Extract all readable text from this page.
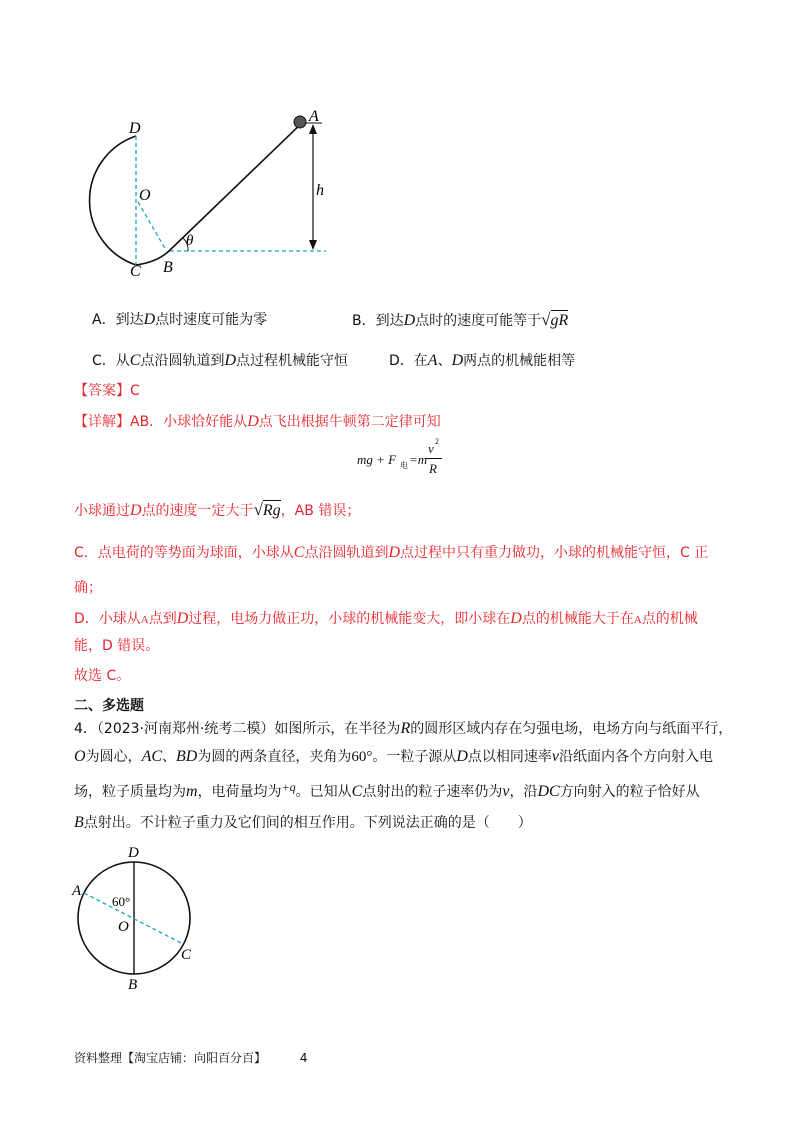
A
D
O	h
θ
C B
A．到达D点时速度可能为零	B．到达D点时的速度可能等于√gR
C．从C点沿圆轨道到D点过程机械能守恒	D．在A、D两点的机械能相等
【答案】C
【详解】AB．小球恰好能从D点飞出根据牛顿第二定律可知
mg + F 电 =m
v 2
R
小球通过D点的速度一定大于√Rg，AB 错误；
C．点电荷的等势面为球面，小球从C点沿圆轨道到D点过程中只有重力做功，小球的机械能守恒，C 正
确；
D．小球从A点到D过程，电场力做正功，小球的机械能变大，即小球在D点的机械能大于在A点的机械
能，D 错误。
故选 C。
二、多选题
4．（2023·河南郑州·统考二模）如图所示，在半径为R的圆形区域内存在匀强电场，电场方向与纸面平行，
O为圆心，AC、BD为圆的两条直径，夹角为60°。一粒子源从D点以相同速率v沿纸面内各个方向射入电
场，粒子质量均为m，电荷量均为+q。已知从C点射出的粒子速率仍为v，沿DC方向射入的粒子恰好从
B点射出。不计粒子重力及它们间的相互作用。下列说法正确的是（　　）
D
A
60°
O
C
B
资料整理【淘宝店铺：向阳百分百】	4
